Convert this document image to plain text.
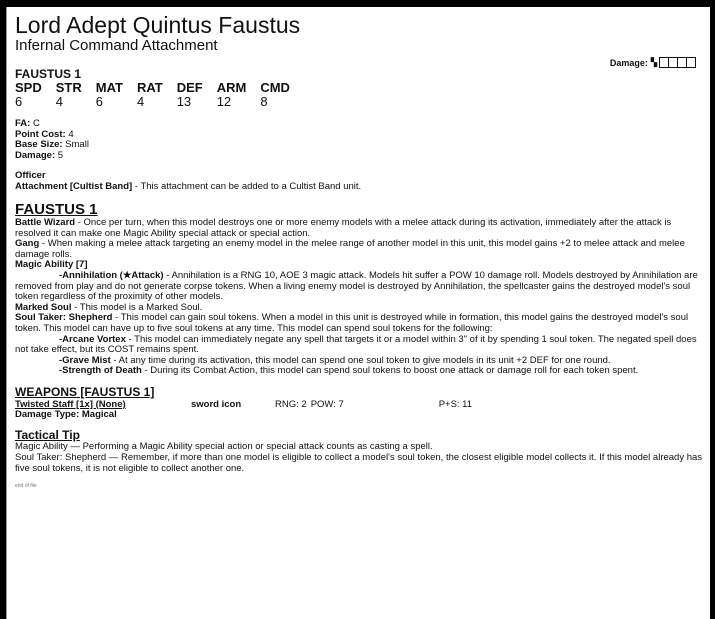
Lord Adept Quintus Faustus
Infernal Command Attachment
FAUSTUS 1
SPD	STR	MAT	RAT	DEF	ARM	CMD
6	4	6	4	13	12	8
FA: C
Point Cost: 4
Base Size: Small
Damage: 5
Officer
Attachment [Cultist Band] - This attachment can be added to a Cultist Band unit.
FAUSTUS 1

Battle Wizard - Once per turn, when this model destroys one or more enemy models with a melee attack during its activation, immediately after the attack is resolved it can make one Magic Ability special attack or special action.

Gang - When making a melee attack targeting an enemy model in the melee range of another model in this unit, this model gains +2 to melee attack and melee damage rolls.

Magic Ability [7]

-Annihilation (★Attack) - Annihilation is a RNG 10, AOE 3 magic attack. Models hit suffer a POW 10 damage roll. Models destroyed by Annihilation are removed from play and do not generate corpse tokens. When a living enemy model is destroyed by Annihilation, the spellcaster gains the destroyed model's soul token regardless of the proximity of other models.

Marked Soul - This model is a Marked Soul.

Soul Taker: Shepherd - This model can gain soul tokens. When a model in this unit is destroyed while in formation, this model gains the destroyed model's soul token. This model can have up to five soul tokens at any time. This model can spend soul tokens for the following:

-Arcane Vortex - This model can immediately negate any spell that targets it or a model within 3" of it by spending 1 soul token. The negated spell does not take effect, but its COST remains spent.

-Grave Mist - At any time during its activation, this model can spend one soul token to give models in its unit +2 DEF for one round.

-Strength of Death - During its Combat Action, this model can spend soul tokens to boost one attack or damage roll for each token spent.

WEAPONS [FAUSTUS 1]
Twisted Staff [1x] (None)	sword icon	RNG: 2 POW: 7	P+S: 11
Damage Type: Magical
Tactical Tip
Magic Ability — Performing a Magic Ability special action or special attack counts as casting a spell.
Soul Taker: Shepherd — Remember, if more than one model is eligible to collect a model's soul token, the closest eligible model collects it. If this model already has five soul tokens, it is not eligible to collect another one.
end of file
Damage: ▚
